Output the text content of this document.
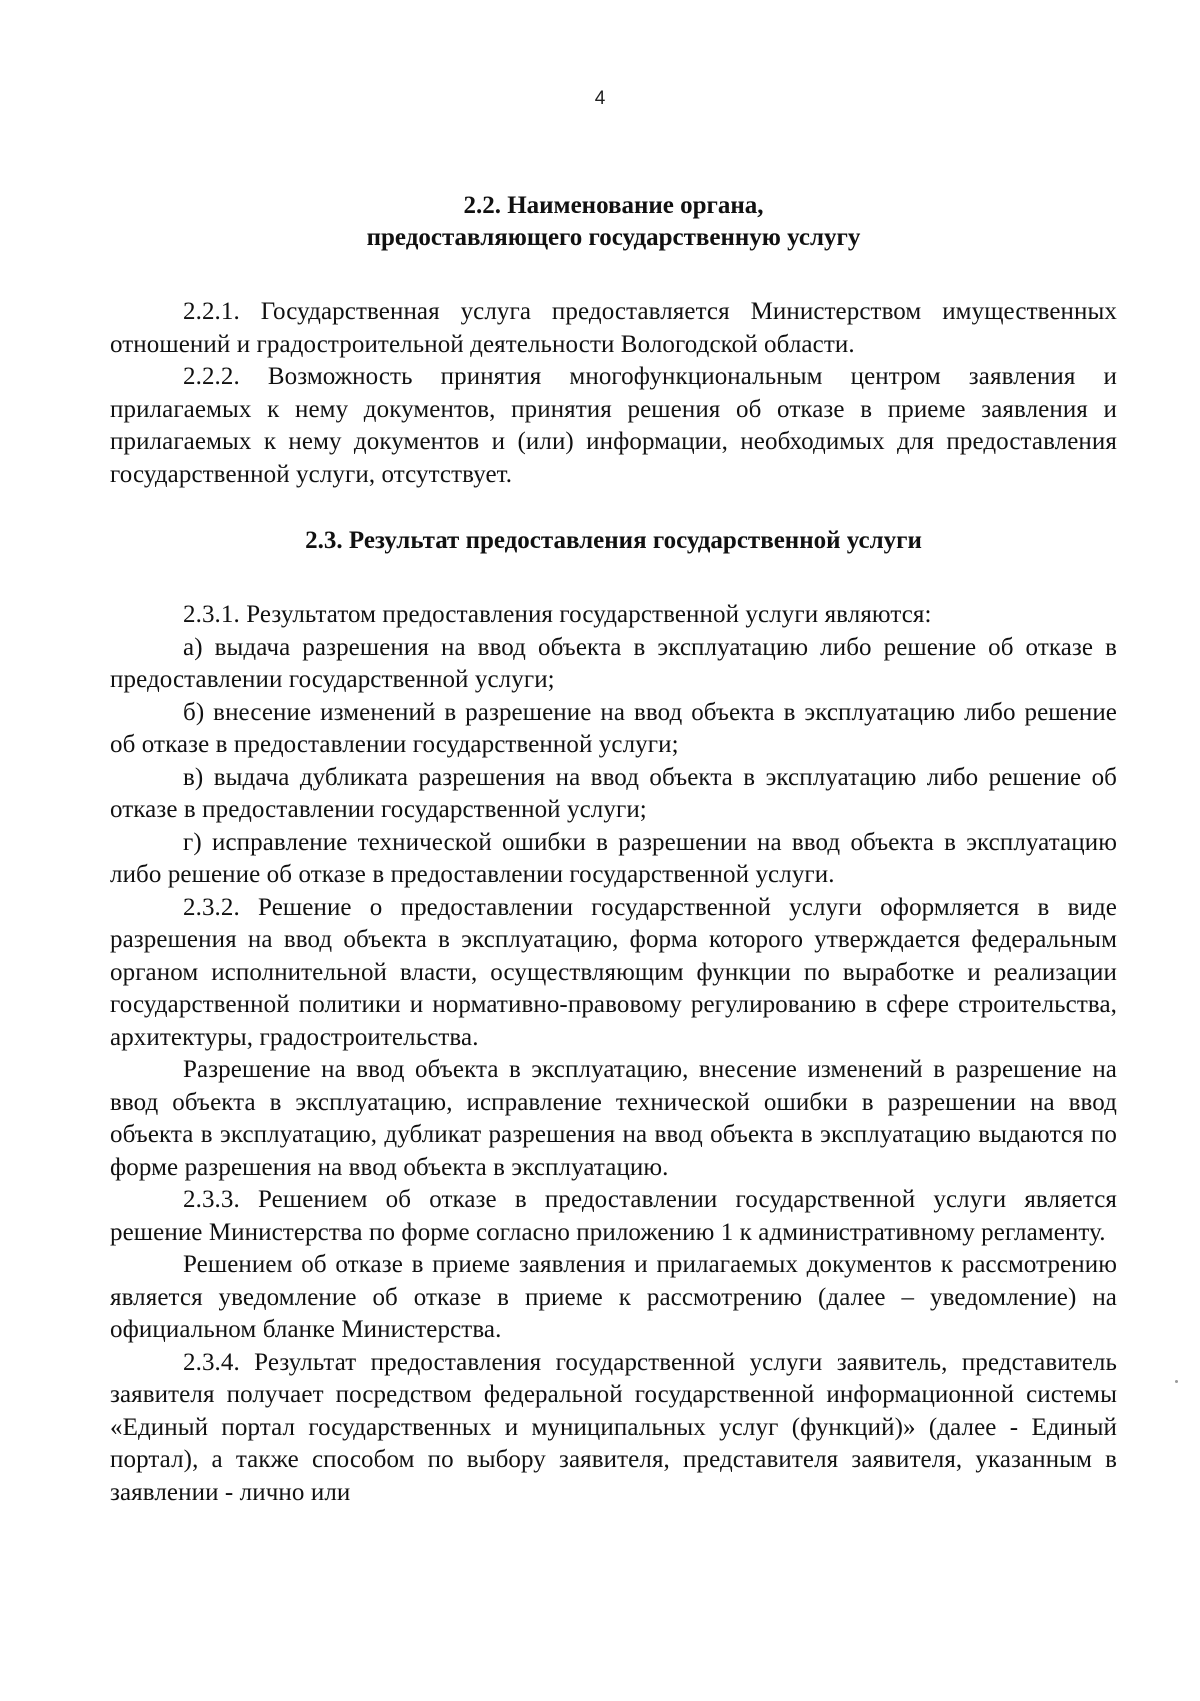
4
2.2. Наименование органа,
предоставляющего государственную услугу

2.2.1. Государственная услуга предоставляется Министерством имущественных отношений и градостроительной деятельности Вологодской области.

2.2.2. Возможность принятия многофункциональным центром заявления и прилагаемых к нему документов, принятия решения об отказе в приеме заявления и прилагаемых к нему документов и (или) информации, необходимых для предоставления государственной услуги, отсутствует.

2.3. Результат предоставления государственной услуги

2.3.1. Результатом предоставления государственной услуги являются:

а) выдача разрешения на ввод объекта в эксплуатацию либо решение об отказе в предоставлении государственной услуги;

б) внесение изменений в разрешение на ввод объекта в эксплуатацию либо решение об отказе в предоставлении государственной услуги;

в) выдача дубликата разрешения на ввод объекта в эксплуатацию либо решение об отказе в предоставлении государственной услуги;

г) исправление технической ошибки в разрешении на ввод объекта в эксплуатацию либо решение об отказе в предоставлении государственной услуги.

2.3.2. Решение о предоставлении государственной услуги оформляется в виде разрешения на ввод объекта в эксплуатацию, форма которого утверждается федеральным органом исполнительной власти, осуществляющим функции по выработке и реализации государственной политики и нормативно-правовому регулированию в сфере строительства, архитектуры, градостроительства.

Разрешение на ввод объекта в эксплуатацию, внесение изменений в разрешение на ввод объекта в эксплуатацию, исправление технической ошибки в разрешении на ввод объекта в эксплуатацию, дубликат разрешения на ввод объекта в эксплуатацию выдаются по форме разрешения на ввод объекта в эксплуатацию.

2.3.3. Решением об отказе в предоставлении государственной услуги является решение Министерства по форме согласно приложению 1 к административному регламенту.

Решением об отказе в приеме заявления и прилагаемых документов к рассмотрению является уведомление об отказе в приеме к рассмотрению (далее – уведомление) на официальном бланке Министерства.

2.3.4. Результат предоставления государственной услуги заявитель, представитель заявителя получает посредством федеральной государственной информационной системы «Единый портал государственных и муниципальных услуг (функций)» (далее - Единый портал), а также способом по выбору заявителя, представителя заявителя, указанным в заявлении - лично или
